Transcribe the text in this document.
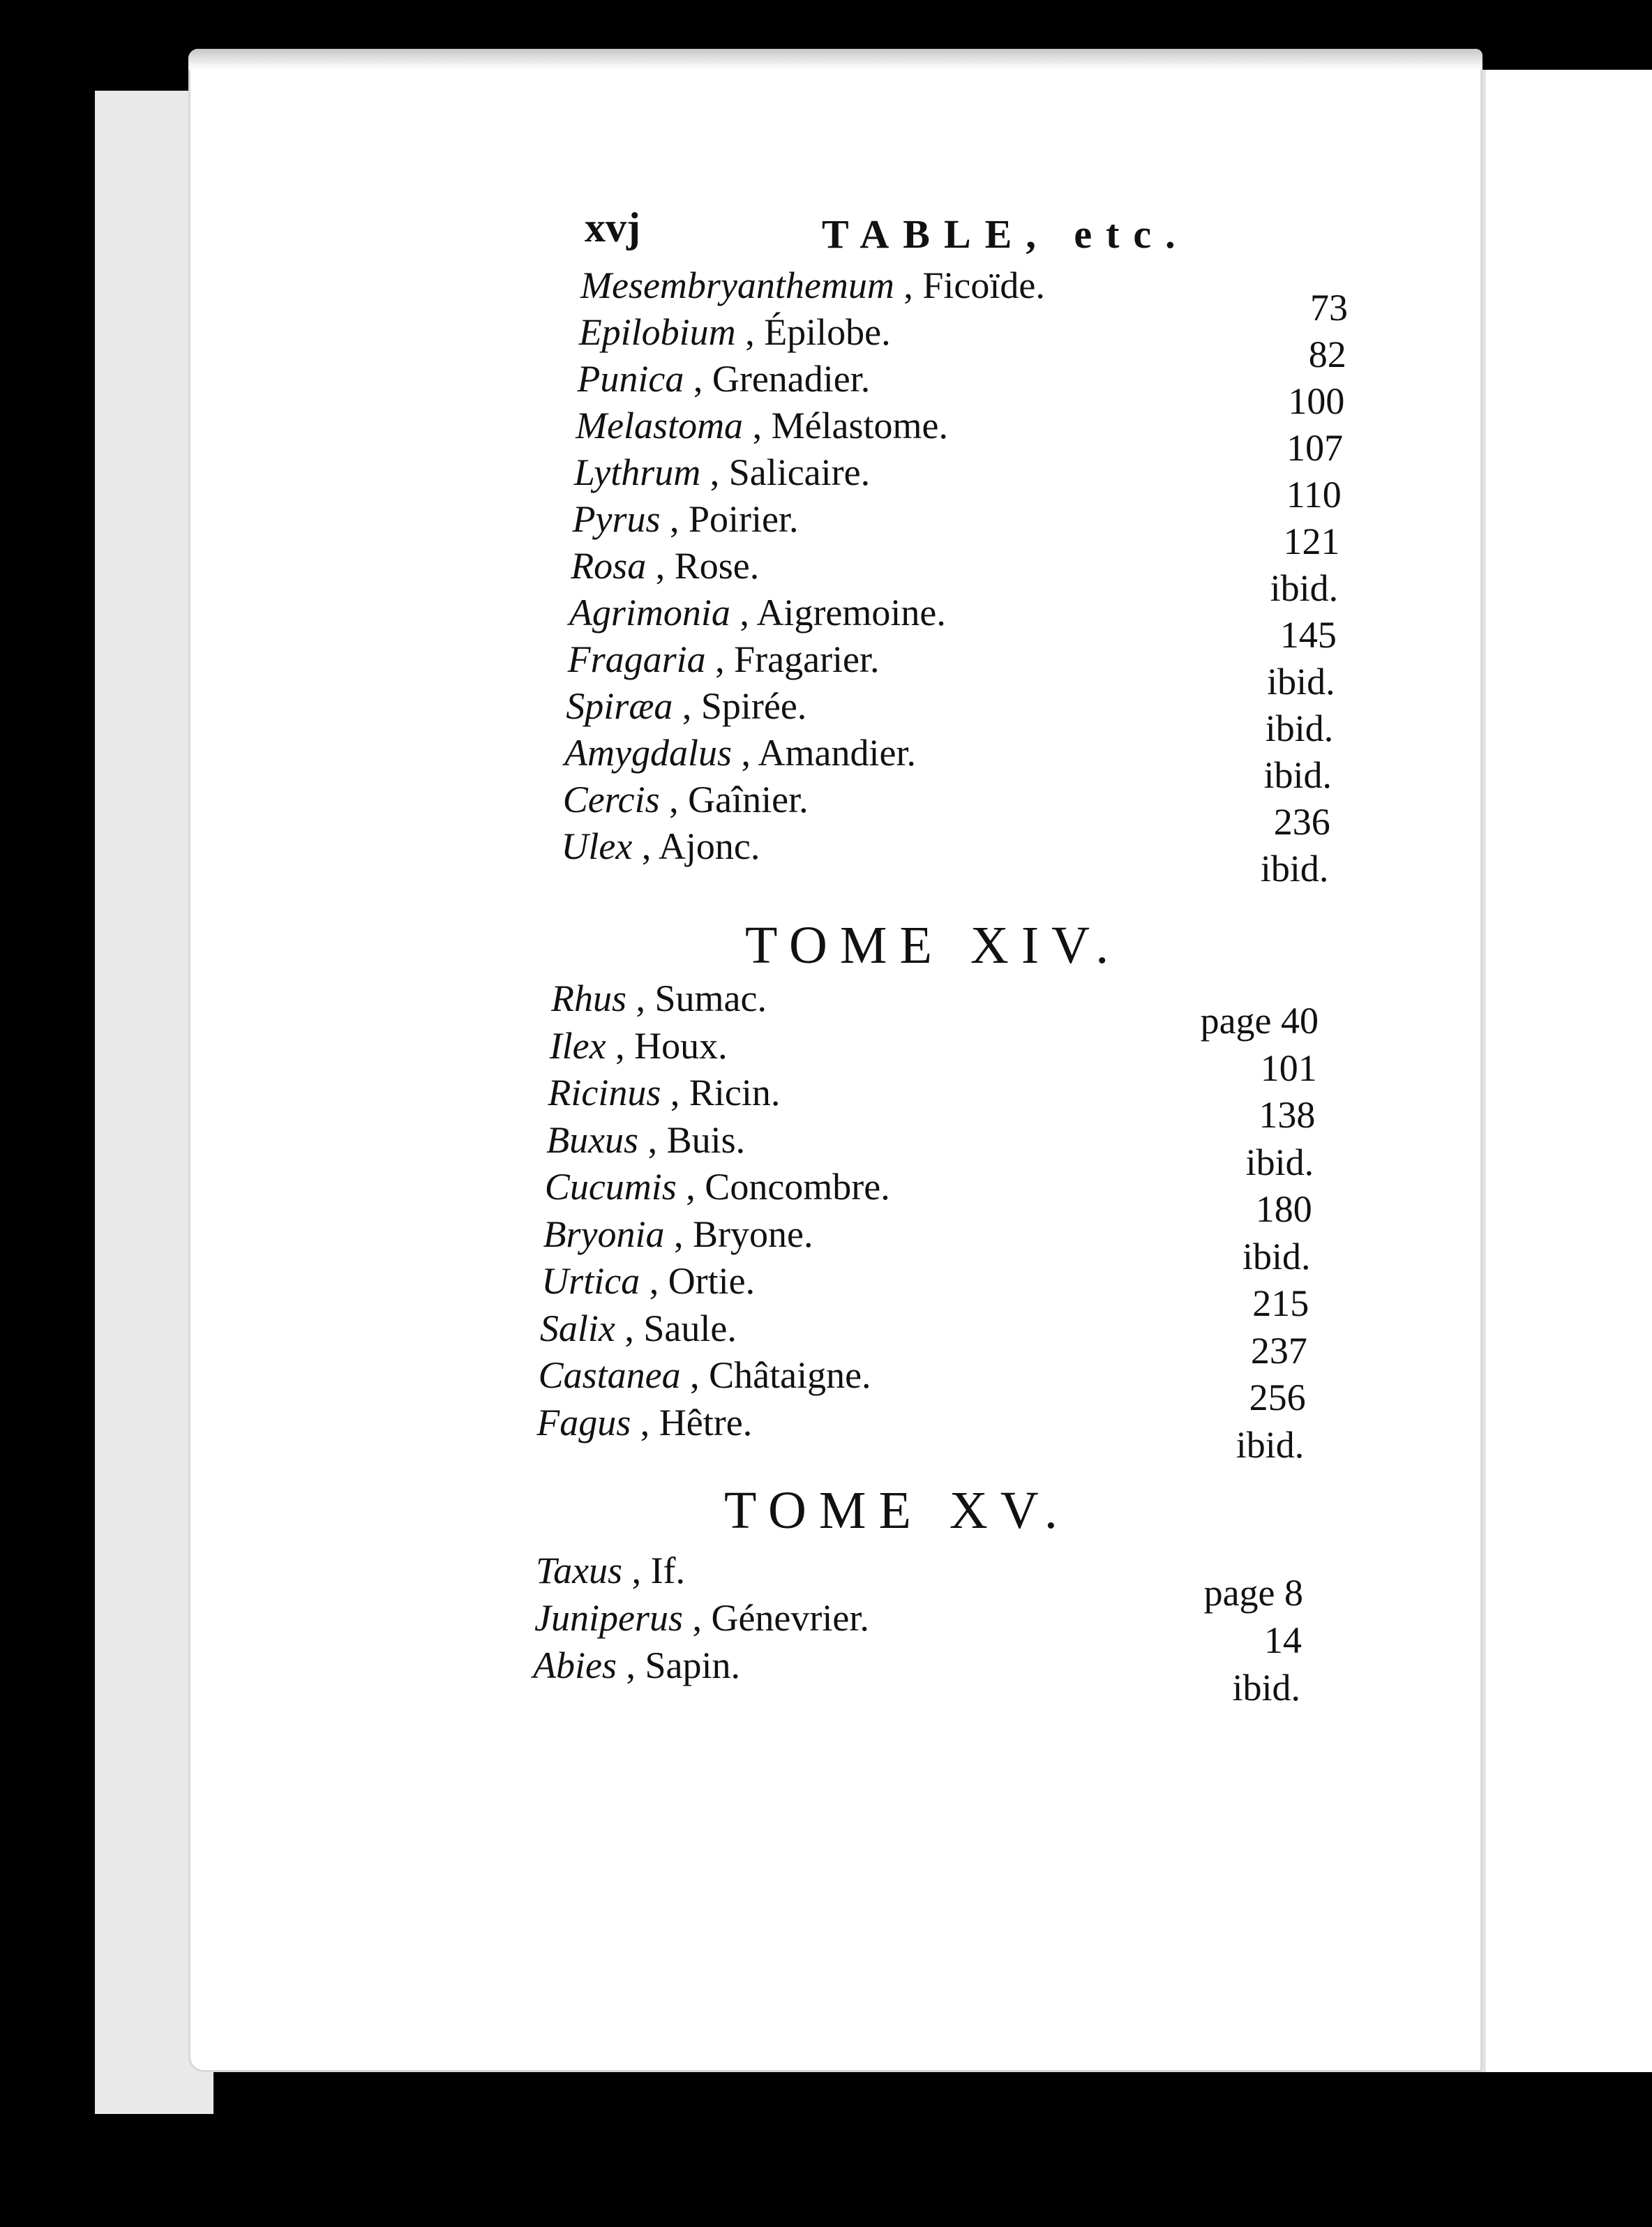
xvj	TABLE, etc.
Mesembryanthemum , Ficoïde.
73
Epilobium , Épilobe.
82
Punica , Grenadier.
100
Melastoma , Mélastome.
107
Lythrum , Salicaire.
110
Pyrus , Poirier.
121
Rosa , Rose.
ibid.
Agrimonia , Aigremoine.
145
Fragaria , Fragarier.
ibid.
Spiræa , Spirée.
ibid.
Amygdalus , Amandier.
ibid.
Cercis , Gaînier.
236
Ulex , Ajonc.
ibid.
TOME XIV.
Rhus , Sumac.
page 40
Ilex , Houx.
101
Ricinus , Ricin.
138
Buxus , Buis.
ibid.
Cucumis , Concombre.
180
Bryonia , Bryone.
ibid.
Urtica , Ortie.
215
Salix , Saule.
237
Castanea , Châtaigne.
256
Fagus , Hêtre.
ibid.
TOME XV.
Taxus , If.
page 8
Juniperus , Génevrier.
14
Abies , Sapin.
ibid.
